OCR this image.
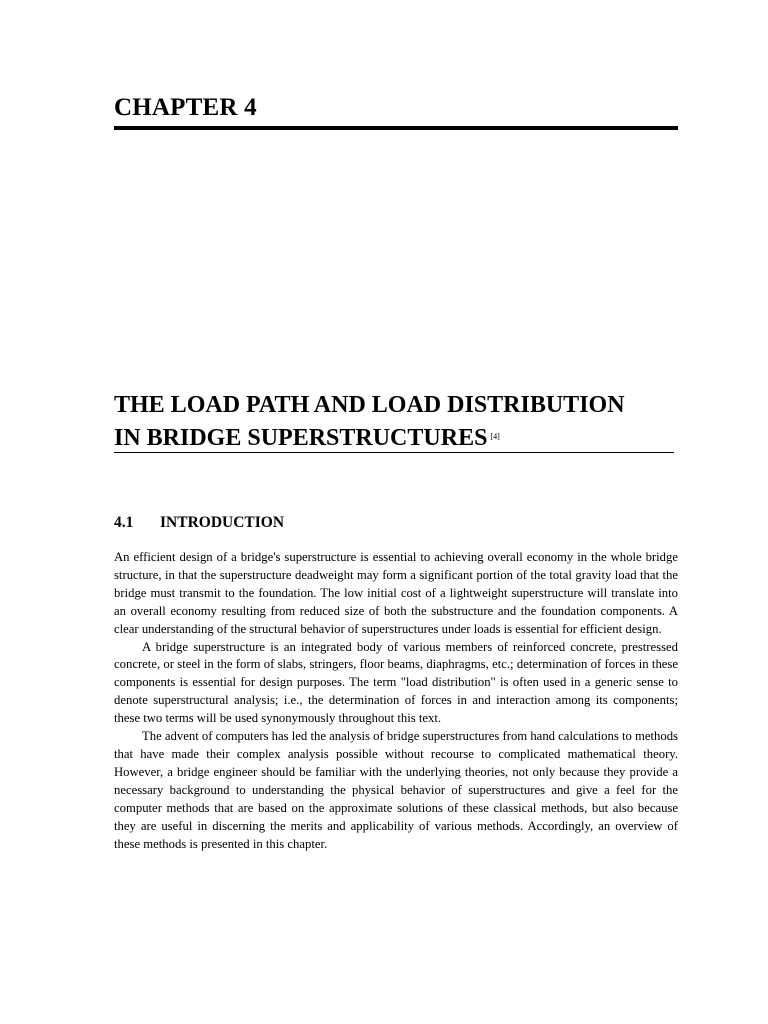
CHAPTER 4
THE LOAD PATH AND LOAD DISTRIBUTION
IN BRIDGE SUPERSTRUCTURES [4]
4.1 INTRODUCTION

An efficient design of a bridge's superstructure is essential to achieving overall economy in the whole bridge structure, in that the superstructure deadweight may form a significant portion of the total gravity load that the bridge must transmit to the foundation. The low initial cost of a lightweight superstructure will translate into an overall economy resulting from reduced size of both the substructure and the foundation components. A clear understanding of the structural behavior of superstructures under loads is essential for efficient design.

A bridge superstructure is an integrated body of various members of reinforced concrete, prestressed concrete, or steel in the form of slabs, stringers, floor beams, diaphragms, etc.; determination of forces in these components is essential for design purposes. The term "load distribution" is often used in a generic sense to denote superstructural analysis; i.e., the determination of forces in and interaction among its components; these two terms will be used synonymously throughout this text.

The advent of computers has led the analysis of bridge superstructures from hand calculations to methods that have made their complex analysis possible without recourse to complicated mathematical theory. However, a bridge engineer should be familiar with the underlying theories, not only because they provide a necessary background to understanding the physical behavior of superstructures and give a feel for the computer methods that are based on the approximate solutions of these classical methods, but also because they are useful in discerning the merits and applicability of various methods. Accordingly, an overview of these methods is presented in this chapter.
